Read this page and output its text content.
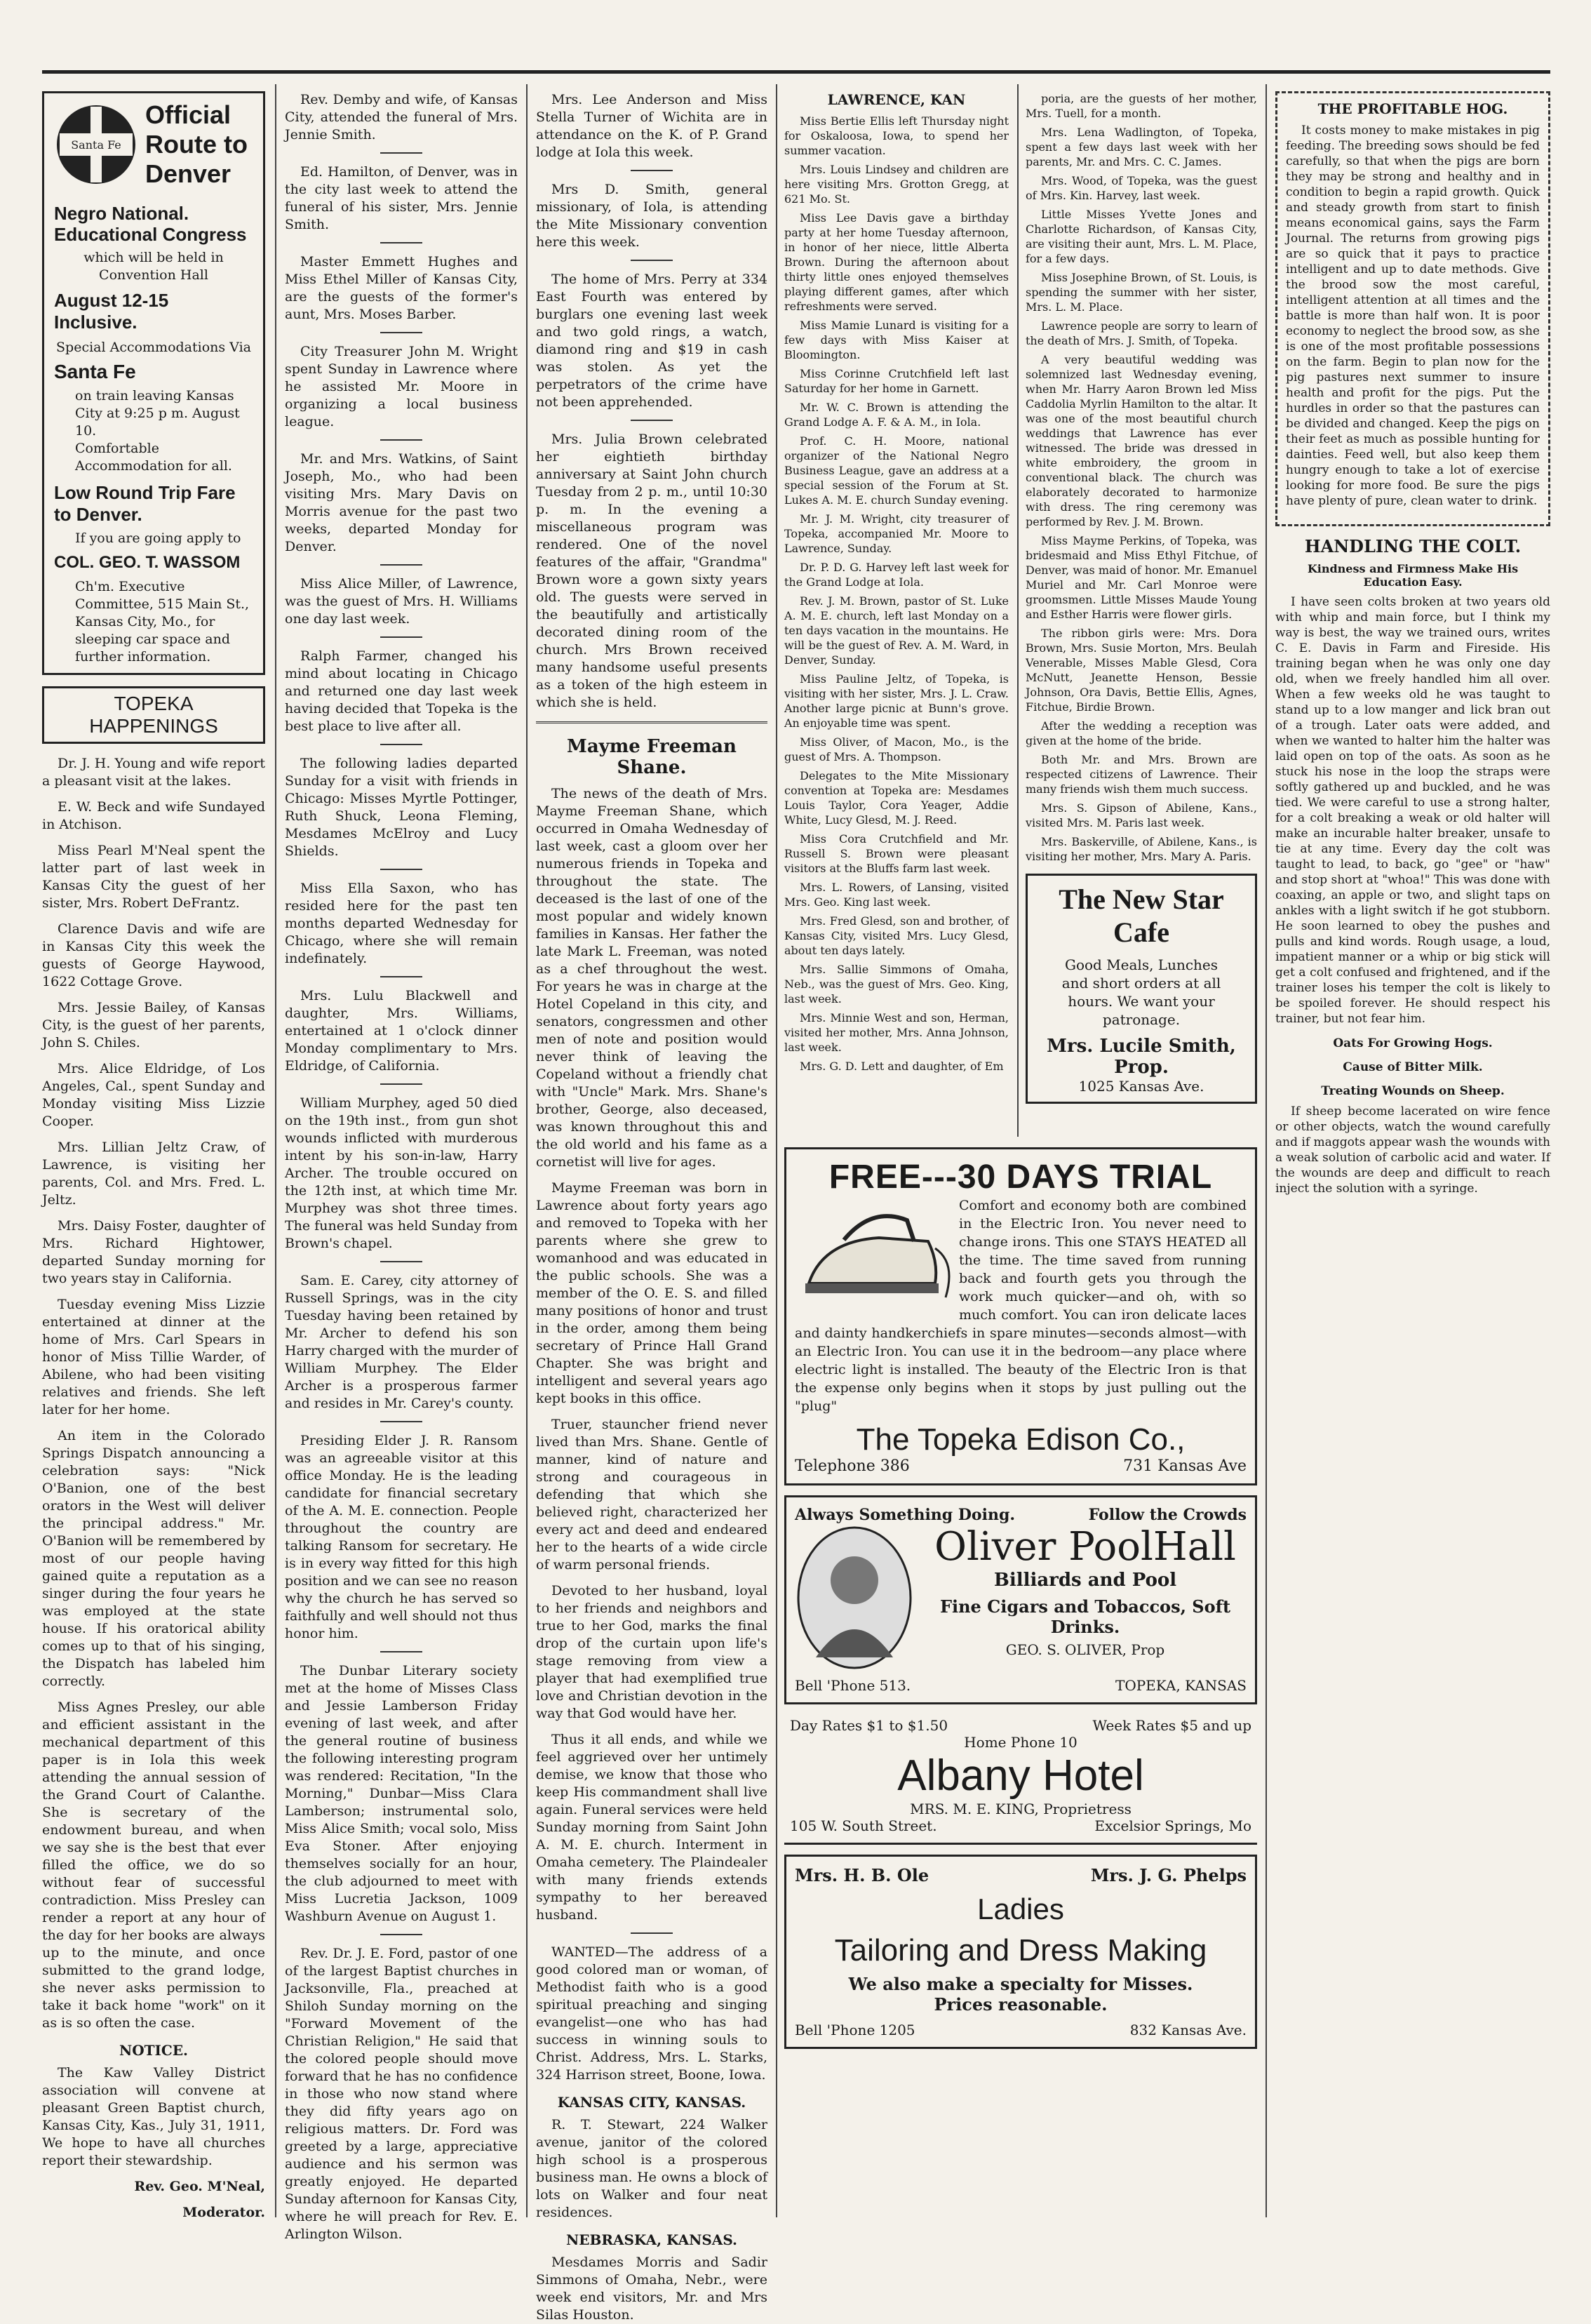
Santa Fe
Official
Route to
Denver
Negro National.
Educational Congress
which will be held in Convention Hall
August 12-15 Inclusive.
Special Accommodations Via
Santa Fe
on train leaving Kansas City at 9:25 p m. August 10.
Comfortable Accommodation for all.
Low Round Trip Fare to Denver.
If you are going apply to
COL. GEO. T. WASSOM
Ch'm. Executive Committee, 515 Main St., Kansas City, Mo., for sleeping car space and further information.
TOPEKA HAPPENINGS

Dr. J. H. Young and wife report a pleasant visit at the lakes.

E. W. Beck and wife Sundayed in Atchison.

Miss Pearl M'Neal spent the latter part of last week in Kansas City the guest of her sister, Mrs. Robert DeFrantz.

Clarence Davis and wife are in Kansas City this week the guests of George Haywood, 1622 Cottage Grove.

Mrs. Jessie Bailey, of Kansas City, is the guest of her parents, John S. Chiles.

Mrs. Alice Eldridge, of Los Angeles, Cal., spent Sunday and Monday visiting Miss Lizzie Cooper.

Mrs. Lillian Jeltz Craw, of Lawrence, is visiting her parents, Col. and Mrs. Fred. L. Jeltz.

Mrs. Daisy Foster, daughter of Mrs. Richard Hightower, departed Sunday morning for two years stay in California.

Tuesday evening Miss Lizzie entertained at dinner at the home of Mrs. Carl Spears in honor of Miss Tillie Warder, of Abilene, who had been visiting relatives and friends. She left later for her home.

An item in the Colorado Springs Dispatch announcing a celebration says: "Nick O'Banion, one of the best orators in the West will deliver the principal address." Mr. O'Banion will be remembered by most of our people having gained quite a reputation as a singer during the four years he was employed at the state house. If his oratorical ability comes up to that of his singing, the Dispatch has labeled him correctly.

Miss Agnes Presley, our able and efficient assistant in the mechanical department of this paper is in Iola this week attending the annual session of the Grand Court of Calanthe. She is secretary of the endowment bureau, and when we say she is the best that ever filled the office, we do so without fear of successful contradiction. Miss Presley can render a report at any hour of the day for her books are always up to the minute, and once submitted to the grand lodge, she never asks permission to take it back home "work" on it as is so often the case.

NOTICE.

The Kaw Valley District association will convene at pleasant Green Baptist church, Kansas City, Kas., July 31, 1911, We hope to have all churches report their stewardship.

Rev. Geo. M'Neal,

Moderator.

Rev. Demby and wife, of Kansas City, attended the funeral of Mrs. Jennie Smith.

Ed. Hamilton, of Denver, was in the city last week to attend the funeral of his sister, Mrs. Jennie Smith.

Master Emmett Hughes and Miss Ethel Miller of Kansas City, are the guests of the former's aunt, Mrs. Moses Barber.

City Treasurer John M. Wright spent Sunday in Lawrence where he assisted Mr. Moore in organizing a local business league.

Mr. and Mrs. Watkins, of Saint Joseph, Mo., who had been visiting Mrs. Mary Davis on Morris avenue for the past two weeks, departed Monday for Denver.

Miss Alice Miller, of Lawrence, was the guest of Mrs. H. Williams one day last week.

Ralph Farmer, changed his mind about locating in Chicago and returned one day last week having decided that Topeka is the best place to live after all.

The following ladies departed Sunday for a visit with friends in Chicago: Misses Myrtle Pottinger, Ruth Shuck, Leona Fleming, Mesdames McElroy and Lucy Shields.

Miss Ella Saxon, who has resided here for the past ten months departed Wednesday for Chicago, where she will remain indefinately.

Mrs. Lulu Blackwell and daughter, Mrs. Williams, entertained at 1 o'clock dinner Monday complimentary to Mrs. Eldridge, of California.

William Murphey, aged 50 died on the 19th inst., from gun shot wounds inflicted with murderous intent by his son-in-law, Harry Archer. The trouble occured on the 12th inst, at which time Mr. Murphey was shot three times. The funeral was held Sunday from Brown's chapel.

Sam. E. Carey, city attorney of Russell Springs, was in the city Tuesday having been retained by Mr. Archer to defend his son Harry charged with the murder of William Murphey. The Elder Archer is a prosperous farmer and resides in Mr. Carey's county.

Presiding Elder J. R. Ransom was an agreeable visitor at this office Monday. He is the leading candidate for financial secretary of the A. M. E. connection. People throughout the country are talking Ransom for secretary. He is in every way fitted for this high position and we can see no reason why the church he has served so faithfully and well should not thus honor him.

The Dunbar Literary society met at the home of Misses Class and Jessie Lamberson Friday evening of last week, and after the general routine of business the following interesting program was rendered: Recitation, "In the Morning," Dunbar—Miss Clara Lamberson; instrumental solo, Miss Alice Smith; vocal solo, Miss Eva Stoner. After enjoying themselves socially for an hour, the club adjourned to meet with Miss Lucretia Jackson, 1009 Washburn Avenue on August 1.

Rev. Dr. J. E. Ford, pastor of one of the largest Baptist churches in Jacksonville, Fla., preached at Shiloh Sunday morning on the "Forward Movement of the Christian Religion," He said that the colored people should move forward that he has no confidence in those who now stand where they did fifty years ago on religious matters. Dr. Ford was greeted by a large, appreciative audience and his sermon was greatly enjoyed. He departed Sunday afternoon for Kansas City, where he will preach for Rev. E. Arlington Wilson.

Mrs. Lee Anderson and Miss Stella Turner of Wichita are in attendance on the K. of P. Grand lodge at Iola this week.

Mrs D. Smith, general missionary, of Iola, is attending the Mite Missionary convention here this week.

The home of Mrs. Perry at 334 East Fourth was entered by burglars one evening last week and two gold rings, a watch, diamond ring and $19 in cash was stolen. As yet the perpetrators of the crime have not been apprehended.

Mrs. Julia Brown celebrated her eightieth birthday anniversary at Saint John church Tuesday from 2 p. m., until 10:30 p. m. In the evening a miscellaneous program was rendered. One of the novel features of the affair, "Grandma" Brown wore a gown sixty years old. The guests were served in the beautifully and artistically decorated dining room of the church. Mrs Brown received many handsome useful presents as a token of the high esteem in which she is held.

Mayme Freeman Shane.

The news of the death of Mrs. Mayme Freeman Shane, which occurred in Omaha Wednesday of last week, cast a gloom over her numerous friends in Topeka and throughout the state. The deceased is the last of one of the most popular and widely known families in Kansas. Her father the late Mark L. Freeman, was noted as a chef throughout the west. For years he was in charge at the Hotel Copeland in this city, and senators, congressmen and other men of note and position would never think of leaving the Copeland without a friendly chat with "Uncle" Mark. Mrs. Shane's brother, George, also deceased, was known throughout this and the old world and his fame as a cornetist will live for ages.

Mayme Freeman was born in Lawrence about forty years ago and removed to Topeka with her parents where she grew to womanhood and was educated in the public schools. She was a member of the O. E. S. and filled many positions of honor and trust in the order, among them being secretary of Prince Hall Grand Chapter. She was bright and intelligent and several years ago kept books in this office.

Truer, stauncher friend never lived than Mrs. Shane. Gentle of manner, kind of nature and strong and courageous in defending that which she believed right, characterized her every act and deed and endeared her to the hearts of a wide circle of warm personal friends.

Devoted to her husband, loyal to her friends and neighbors and true to her God, marks the final drop of the curtain upon life's stage removing from view a player that had exemplified true love and Christian devotion in the way that God would have her.

Thus it all ends, and while we feel aggrieved over her untimely demise, we know that those who keep His commandment shall live again. Funeral services were held Sunday morning from Saint John A. M. E. church. Interment in Omaha cemetery. The Plaindealer with many friends extends sympathy to her bereaved husband.

WANTED—The address of a good colored man or woman, of Methodist faith who is a good spiritual preaching and singing evangelist—one who has had success in winning souls to Christ. Address, Mrs. L. Starks, 324 Harrison street, Boone, Iowa.

KANSAS CITY, KANSAS.

R. T. Stewart, 224 Walker avenue, janitor of the colored high school is a prosperous business man. He owns a block of lots on Walker and four neat residences.

NEBRASKA, KANSAS.

Mesdames Morris and Sadir Simmons of Omaha, Nebr., were week end visitors, Mr. and Mrs Silas Houston.

LAWRENCE, KAN

Miss Bertie Ellis left Thursday night for Oskaloosa, Iowa, to spend her summer vacation.

Mrs. Louis Lindsey and children are here visiting Mrs. Grotton Gregg, at 621 Mo. St.

Miss Lee Davis gave a birthday party at her home Tuesday afternoon, in honor of her niece, little Alberta Brown. During the afternoon about thirty little ones enjoyed themselves playing different games, after which refreshments were served.

Miss Mamie Lunard is visiting for a few days with Miss Kaiser at Bloomington.

Miss Corinne Crutchfield left last Saturday for her home in Garnett.

Mr. W. C. Brown is attending the Grand Lodge A. F. & A. M., in Iola.

Prof. C. H. Moore, national organizer of the National Negro Business League, gave an address at a special session of the Forum at St. Lukes A. M. E. church Sunday evening.

Mr. J. M. Wright, city treasurer of Topeka, accompanied Mr. Moore to Lawrence, Sunday.

Dr. P. D. G. Harvey left last week for the Grand Lodge at Iola.

Rev. J. M. Brown, pastor of St. Luke A. M. E. church, left last Monday on a ten days vacation in the mountains. He will be the guest of Rev. A. M. Ward, in Denver, Sunday.

Miss Pauline Jeltz, of Topeka, is visiting with her sister, Mrs. J. L. Craw. Another large picnic at Bunn's grove. An enjoyable time was spent.

Miss Oliver, of Macon, Mo., is the guest of Mrs. A. Thompson.

Delegates to the Mite Missionary convention at Topeka are: Mesdames Louis Taylor, Cora Yeager, Addie White, Lucy Glesd, M. J. Reed.

Miss Cora Crutchfield and Mr. Russell S. Brown were pleasant visitors at the Bluffs farm last week.

Mrs. L. Rowers, of Lansing, visited Mrs. Geo. King last week.

Mrs. Fred Glesd, son and brother, of Kansas City, visited Mrs. Lucy Glesd, about ten days lately.

Mrs. Sallie Simmons of Omaha, Neb., was the guest of Mrs. Geo. King, last week.

Mrs. Minnie West and son, Herman, visited her mother, Mrs. Anna Johnson, last week.

Mrs. G. D. Lett and daughter, of Em

poria, are the guests of her mother, Mrs. Tuell, for a month.

Mrs. Lena Wadlington, of Topeka, spent a few days last week with her parents, Mr. and Mrs. C. C. James.

Mrs. Wood, of Topeka, was the guest of Mrs. Kin. Harvey, last week.

Little Misses Yvette Jones and Charlotte Richardson, of Kansas City, are visiting their aunt, Mrs. L. M. Place, for a few days.

Miss Josephine Brown, of St. Louis, is spending the summer with her sister, Mrs. L. M. Place.

Lawrence people are sorry to learn of the death of Mrs. J. Smith, of Topeka.

A very beautiful wedding was solemnized last Wednesday evening, when Mr. Harry Aaron Brown led Miss Caddolia Myrlin Hamilton to the altar. It was one of the most beautiful church weddings that Lawrence has ever witnessed. The bride was dressed in white embroidery, the groom in conventional black. The church was elaborately decorated to harmonize with dress. The ring ceremony was performed by Rev. J. M. Brown.

Miss Mayme Perkins, of Topeka, was bridesmaid and Miss Ethyl Fitchue, of Denver, was maid of honor. Mr. Emanuel Muriel and Mr. Carl Monroe were groomsmen. Little Misses Maude Young and Esther Harris were flower girls.

The ribbon girls were: Mrs. Dora Brown, Mrs. Susie Morton, Mrs. Beulah Venerable, Misses Mable Glesd, Cora McNutt, Jeanette Henson, Bessie Johnson, Ora Davis, Bettie Ellis, Agnes, Fitchue, Birdie Brown.

After the wedding a reception was given at the home of the bride.

Both Mr. and Mrs. Brown are respected citizens of Lawrence. Their many friends wish them much success.

Mrs. S. Gipson of Abilene, Kans., visited Mrs. M. Paris last week.

Mrs. Baskerville, of Abilene, Kans., is visiting her mother, Mrs. Mary A. Paris.

The New Star Cafe
Good Meals, Lunches and short orders at all hours. We want your patronage.
Mrs. Lucile Smith, Prop.
1025 Kansas Ave.
FREE---30 DAYS TRIAL
Comfort and economy both are combined in the Electric Iron. You never need to change irons. This one STAYS HEATED all the time. The time saved from running back and fourth gets you through the work much quicker—and oh, with so much comfort. You can iron delicate laces and dainty handkerchiefs in spare minutes—seconds almost—with an Electric Iron. You can use it in the bedroom—any place where electric light is installed. The beauty of the Electric Iron is that the expense only begins when it stops by just pulling out the "plug"
The Topeka Edison Co.,
Telephone 386	731 Kansas Ave
Always Something Doing.	Follow the Crowds
Oliver PoolHall
Billiards and Pool
Fine Cigars and Tobaccos, Soft Drinks.
GEO. S. OLIVER, Prop
Bell 'Phone 513.	TOPEKA, KANSAS
Day Rates $1 to $1.50	Week Rates $5 and up
Home Phone 10
Albany Hotel
MRS. M. E. KING, Proprietress
105 W. South Street.	Excelsior Springs, Mo
Mrs. H. B. Ole	Mrs. J. G. Phelps
Ladies
Tailoring and Dress Making
We also make a specialty for Misses.
Prices reasonable.
Bell 'Phone 1205	832 Kansas Ave.
THE PROFITABLE HOG.

It costs money to make mistakes in pig feeding. The breeding sows should be fed carefully, so that when the pigs are born they may be strong and healthy and in condition to begin a rapid growth. Quick and steady growth from start to finish means economical gains, says the Farm Journal. The returns from growing pigs are so quick that it pays to practice intelligent and up to date methods. Give the brood sow the most careful, intelligent attention at all times and the battle is more than half won. It is poor economy to neglect the brood sow, as she is one of the most profitable possessions on the farm. Begin to plan now for the pig pastures next summer to insure health and profit for the pigs. Put the hurdles in order so that the pastures can be divided and changed. Keep the pigs on their feet as much as possible hunting for dainties. Feed well, but also keep them hungry enough to take a lot of exercise looking for more food. Be sure the pigs have plenty of pure, clean water to drink.

HANDLING THE COLT.
Kindness and Firmness Make His Education Easy.

I have seen colts broken at two years old with whip and main force, but I think my way is best, the way we trained ours, writes C. E. Davis in Farm and Fireside. His training began when he was only one day old, when we freely handled him all over. When a few weeks old he was taught to stand up to a low manger and lick bran out of a trough. Later oats were added, and when we wanted to halter him the halter was laid open on top of the oats. As soon as he stuck his nose in the loop the straps were softly gathered up and buckled, and he was tied. We were careful to use a strong halter, for a colt breaking a weak or old halter will make an incurable halter breaker, unsafe to tie at any time. Every day the colt was taught to lead, to back, go "gee" or "haw" and stop short at "whoa!" This was done with coaxing, an apple or two, and slight taps on ankles with a light switch if he got stubborn. He soon learned to obey the pushes and pulls and kind words. Rough usage, a loud, impatient manner or a whip or big stick will get a colt confused and frightened, and if the trainer loses his temper the colt is likely to be spoiled forever. He should respect his trainer, but not fear him.

Oats For Growing Hogs.
Cause of Bitter Milk.
Treating Wounds on Sheep.

If sheep become lacerated on wire fence or other objects, watch the wound carefully and if maggots appear wash the wounds with a weak solution of carbolic acid and water. If the wounds are deep and difficult to reach inject the solution with a syringe.
